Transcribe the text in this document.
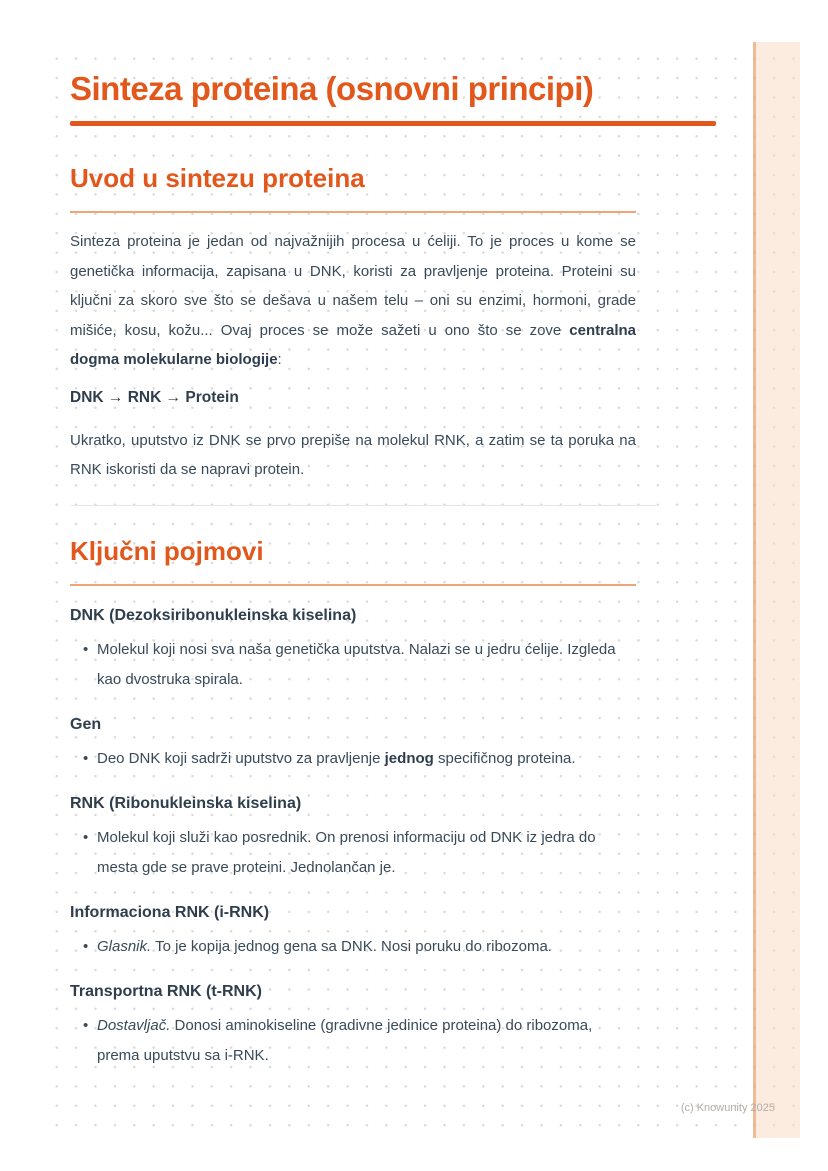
Sinteza proteina (osnovni principi)
Uvod u sintezu proteina

Sinteza proteina je jedan od najvažnijih procesa u ćeliji. To je proces u kome se genetička informacija, zapisana u DNK, koristi za pravljenje proteina. Proteini su ključni za skoro sve što se dešava u našem telu – oni su enzimi, hormoni, grade mišiće, kosu, kožu... Ovaj proces se može sažeti u ono što se zove centralna dogma molekularne biologije:

DNK → RNK → Protein

Ukratko, uputstvo iz DNK se prvo prepiše na molekul RNK, a zatim se ta poruka na RNK iskoristi da se napravi protein.

Ključni pojmovi
DNK (Dezoksiribonukleinska kiselina)
• Molekul koji nosi sva naša genetička uputstva. Nalazi se u jedru ćelije. Izgleda kao dvostruka spirala.
Gen
• Deo DNK koji sadrži uputstvo za pravljenje jednog specifičnog proteina.
RNK (Ribonukleinska kiselina)
• Molekul koji služi kao posrednik. On prenosi informaciju od DNK iz jedra do mesta gde se prave proteini. Jednolančan je.
Informaciona RNK (i-RNK)
• Glasnik. To je kopija jednog gena sa DNK. Nosi poruku do ribozoma.
Transportna RNK (t-RNK)
• Dostavljač. Donosi aminokiseline (gradivne jedinice proteina) do ribozoma, prema uputstvu sa i-RNK.
(c) Knowunity 2025
